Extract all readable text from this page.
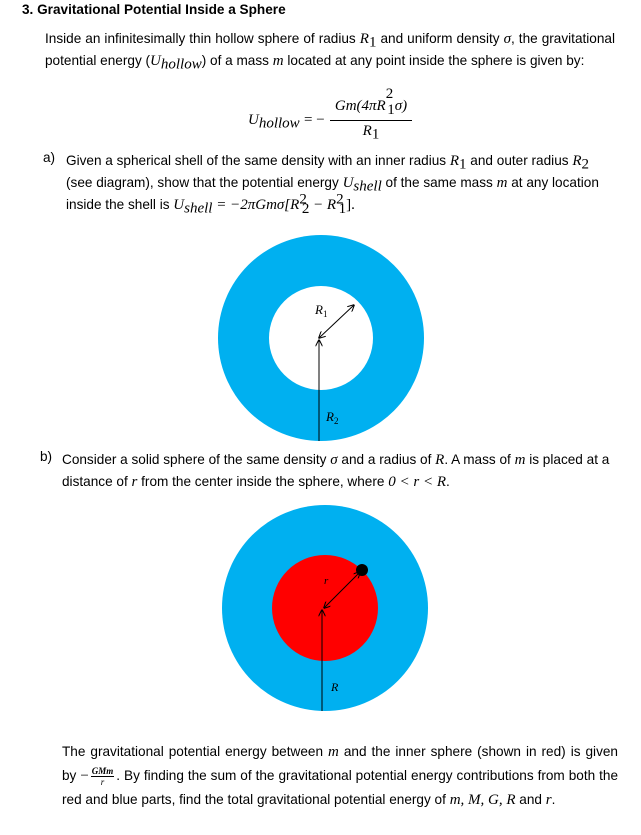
3. Gravitational Potential Inside a Sphere
Inside an infinitesimally thin hollow sphere of radius $R_1$ and uniform density σ, the gravitational potential energy $(U_{hollow})$ of a mass m located at any point inside the sphere is given by:
$U_{hollow}$ = −
$Gm(4\pi R^2_1\sigma)$
$R_1$
a) Given a spherical shell of the same density with an inner radius $R_1$ and outer radius $R_2$ (see diagram), show that the potential energy $U_{shell}$ of the same mass m at any location inside the shell is $U_{shell} = -2\pi Gm\sigma[R^2_2 - R^2_1]$.
$R_1$
$R_2$
r
R
b) Consider a solid sphere of the same density σ and a radius of R. A mass of m is placed at a distance of r from the center inside the sphere, where 0 < r < R.
The gravitational potential energy between m and the inner sphere (shown in red) is given by − GMm
r . By finding the sum of the gravitational potential energy contributions from both the red and blue parts, find the total gravitational potential energy of m, M, G, R and r.
